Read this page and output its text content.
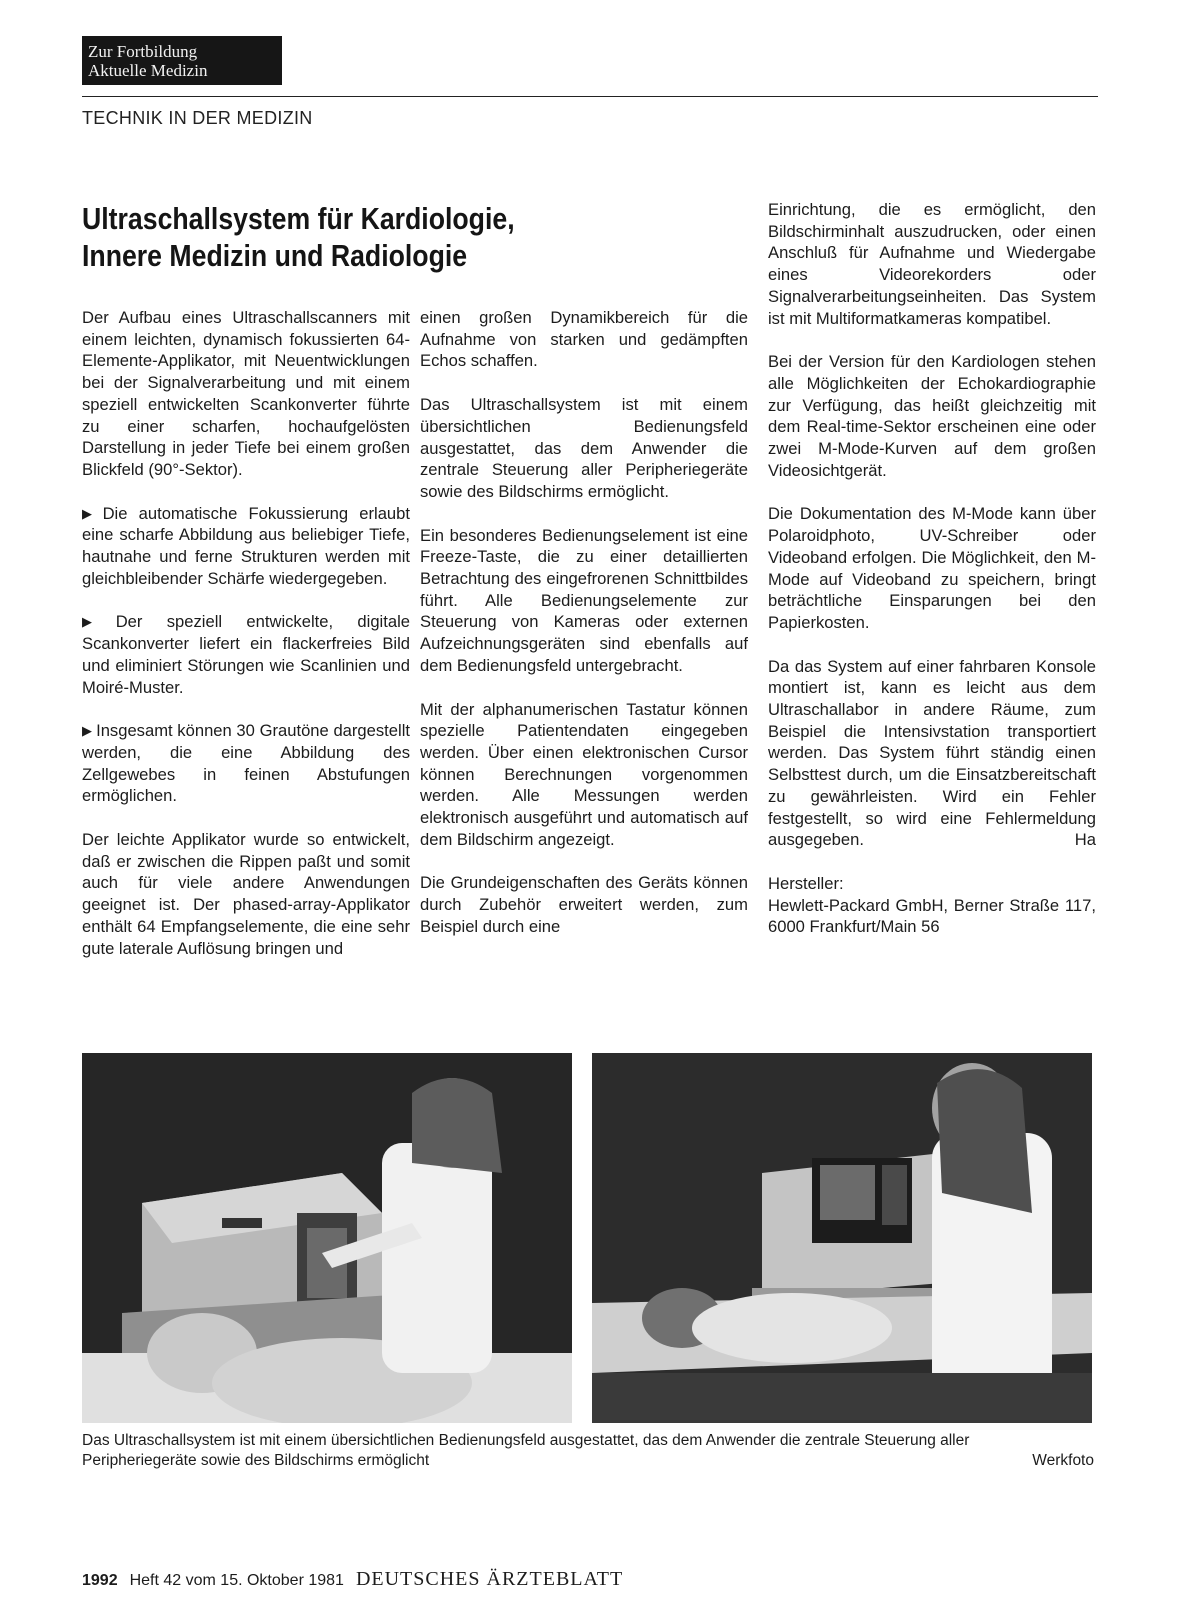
Zur Fortbildung
Aktuelle Medizin
TECHNIK IN DER MEDIZIN
Ultraschallsystem für Kardiologie,
Innere Medizin und Radiologie

Der Aufbau eines Ultraschallscanners mit einem leichten, dynamisch fokussierten 64-Elemente-Applikator, mit Neuentwicklungen bei der Signalverarbeitung und mit einem speziell entwickelten Scankonverter führte zu einer scharfen, hochaufgelösten Darstellung in jeder Tiefe bei einem großen Blickfeld (90°-Sektor).

▶ Die automatische Fokussierung erlaubt eine scharfe Abbildung aus beliebiger Tiefe, hautnahe und ferne Strukturen werden mit gleichbleibender Schärfe wiedergegeben.

▶ Der speziell entwickelte, digitale Scankonverter liefert ein flackerfreies Bild und eliminiert Störungen wie Scanlinien und Moiré-Muster.

▶ Insgesamt können 30 Grautöne dargestellt werden, die eine Abbildung des Zellgewebes in feinen Abstufungen ermöglichen.

Der leichte Applikator wurde so entwickelt, daß er zwischen die Rippen paßt und somit auch für viele andere Anwendungen geeignet ist. Der phased-array-Applikator enthält 64 Empfangselemente, die eine sehr gute laterale Auflösung bringen und

einen großen Dynamikbereich für die Aufnahme von starken und gedämpften Echos schaffen.

Das Ultraschallsystem ist mit einem übersichtlichen Bedienungsfeld ausgestattet, das dem Anwender die zentrale Steuerung aller Peripheriegeräte sowie des Bildschirms ermöglicht.

Ein besonderes Bedienungselement ist eine Freeze-Taste, die zu einer detaillierten Betrachtung des eingefrorenen Schnittbildes führt. Alle Bedienungselemente zur Steuerung von Kameras oder externen Aufzeichnungsgeräten sind ebenfalls auf dem Bedienungsfeld untergebracht.

Mit der alphanumerischen Tastatur können spezielle Patientendaten eingegeben werden. Über einen elektronischen Cursor können Berechnungen vorgenommen werden. Alle Messungen werden elektronisch ausgeführt und automatisch auf dem Bildschirm angezeigt.

Die Grundeigenschaften des Geräts können durch Zubehör erweitert werden, zum Beispiel durch eine

Einrichtung, die es ermöglicht, den Bildschirminhalt auszudrucken, oder einen Anschluß für Aufnahme und Wiedergabe eines Videorekorders oder Signalverarbeitungseinheiten. Das System ist mit Multiformatkameras kompatibel.

Bei der Version für den Kardiologen stehen alle Möglichkeiten der Echokardiographie zur Verfügung, das heißt gleichzeitig mit dem Real-time-Sektor erscheinen eine oder zwei M-Mode-Kurven auf dem großen Videosichtgerät.

Die Dokumentation des M-Mode kann über Polaroidphoto, UV-Schreiber oder Videoband erfolgen. Die Möglichkeit, den M-Mode auf Videoband zu speichern, bringt beträchtliche Einsparungen bei den Papierkosten.

Da das System auf einer fahrbaren Konsole montiert ist, kann es leicht aus dem Ultraschallabor in andere Räume, zum Beispiel die Intensivstation transportiert werden. Das System führt ständig einen Selbsttest durch, um die Einsatzbereitschaft zu gewährleisten. Wird ein Fehler festgestellt, so wird eine Fehlermeldung ausgegeben.	Ha

Hersteller:
Hewlett-Packard GmbH, Berner Straße 117, 6000 Frankfurt/Main 56

Das Ultraschallsystem ist mit einem übersichtlichen Bedienungsfeld ausgestattet, das dem Anwender die zentrale Steuerung aller
Peripheriegeräte sowie des Bildschirms ermöglicht	Werkfoto
1992 Heft 42 vom 15. Oktober 1981 DEUTSCHES ÄRZTEBLATT
